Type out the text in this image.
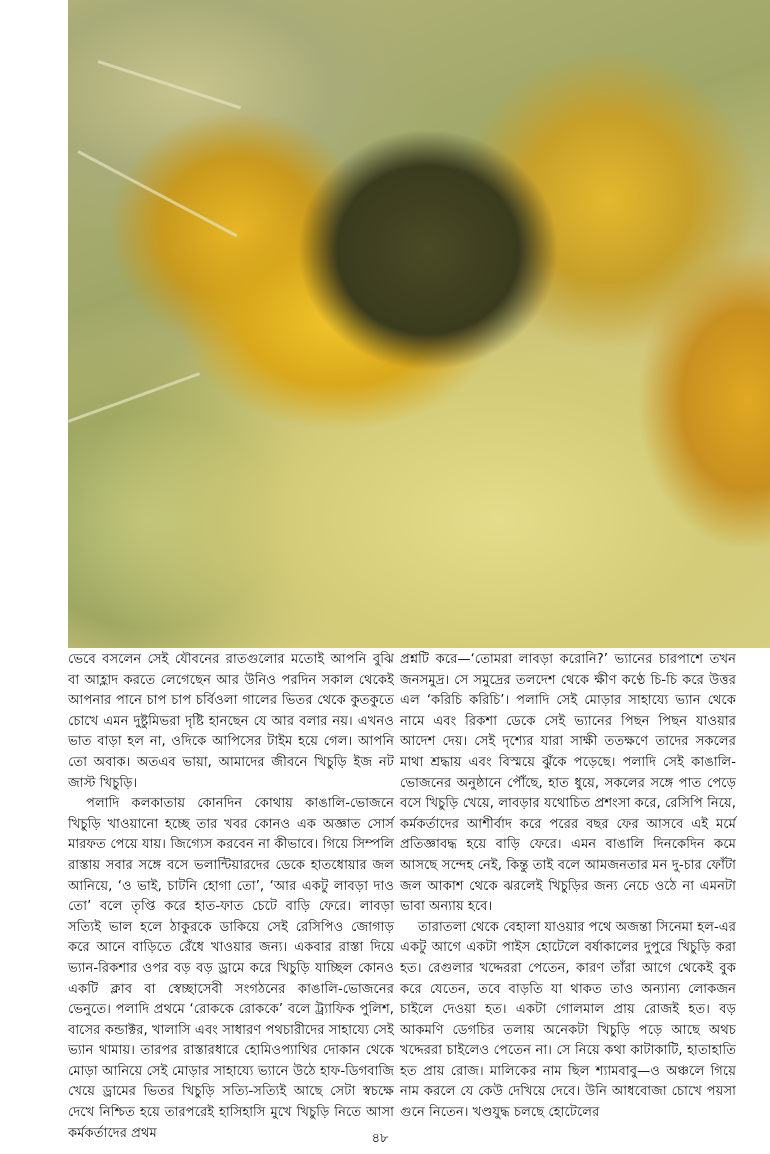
ভেবে বসলেন সেই যৌবনের রাতগুলোর মতোই আপনি বুঝি বা আহ্লাদ করতে লেগেছেন আর উনিও পরদিন সকাল থেকেই আপনার পানে চাপ চাপ চর্বিওলা গালের ভিতর থেকে কুতকুতে চোখে এমন দুষ্টুমিভরা দৃষ্টি হানছেন যে আর বলার নয়। এখনও ভাত বাড়া হল না, ওদিকে আপিসের টাইম হয়ে গেল। আপনি তো অবাক। অতএব ভায়া, আমাদের জীবনে খিচুড়ি ইজ নট জাস্ট খিচুড়ি।

পলাদি কলকাতায় কোনদিন কোথায় কাঙালি-ভোজনে খিচুড়ি খাওয়ানো হচ্ছে তার খবর কোনও এক অজ্ঞাত সোর্স মারফত পেয়ে যায়। জিগ্যেস করবেন না কীভাবে। গিয়ে সিম্পলি রাস্তায় সবার সঙ্গে বসে ভলান্টিয়ারদের ডেকে হাতধোয়ার জল আনিয়ে, ‘ও ভাই, চাটনি হোগা তো’, ‘আর একটু লাবড়া দাও তো’ বলে তৃপ্তি করে হাত-ফাত চেটে বাড়ি ফেরে। লাবড়া সত্যিই ভাল হলে ঠাকুরকে ডাকিয়ে সেই রেসিপিও জোগাড় করে আনে বাড়িতে রেঁধে খাওয়ার জন্য। একবার রাস্তা দিয়ে ভ্যান-রিকশার ওপর বড় বড় ড্রামে করে খিচুড়ি যাচ্ছিল কোনও একটি ক্লাব বা স্বেচ্ছাসেবী সংগঠনের কাঙালি-ভোজনের ভেনুতে। পলাদি প্রথমে ‘রোককে রোককে’ বলে ট্র্যাফিক পুলিশ, বাসের কন্ডাক্টর, খালাসি এবং সাধারণ পথচারীদের সাহায্যে সেই ভ্যান থামায়। তারপর রাস্তারধারে হোমিওপ্যাথির দোকান থেকে মোড়া আনিয়ে সেই মোড়ার সাহায্যে ভ্যানে উঠে হাফ-ডিগবাজি খেয়ে ড্রামের ভিতর খিচুড়ি সত্যি-সত্যিই আছে সেটা স্বচক্ষে দেখে নিশ্চিত হয়ে তারপরেই হাসিহাসি মুখে খিচুড়ি নিতে আসা কর্মকর্তাদের প্রথম

প্রশ্নটি করে—‘তোমরা লাবড়া করোনি?’ ভ্যানের চারপাশে তখন জনসমুদ্র। সে সমুদ্রের তলদেশ থেকে ক্ষীণ কণ্ঠে চি-চি করে উত্তর এল ‘করিচি করিচি’। পলাদি সেই মোড়ার সাহায্যে ভ্যান থেকে নামে এবং রিকশা ডেকে সেই ভ্যানের পিছন পিছন যাওয়ার আদেশ দেয়। সেই দৃশ্যের যারা সাক্ষী ততক্ষণে তাদের সকলের মাথা শ্রদ্ধায় এবং বিস্ময়ে ঝুঁকে পড়েছে। পলাদি সেই কাঙালি-ভোজনের অনুষ্ঠানে পৌঁছে, হাত ধুয়ে, সকলের সঙ্গে পাত পেড়ে বসে খিচুড়ি খেয়ে, লাবড়ার যথোচিত প্রশংসা করে, রেসিপি নিয়ে, কর্মকর্তাদের আশীর্বাদ করে পরের বছর ফের আসবে এই মর্মে প্রতিজ্ঞাবদ্ধ হয়ে বাড়ি ফেরে। এমন বাঙালি দিনকেদিন কমে আসছে সন্দেহ নেই, কিন্তু তাই বলে আমজনতার মন দু-চার ফোঁটা জল আকাশ থেকে ঝরলেই খিচুড়ির জন্য নেচে ওঠে না এমনটা ভাবা অন্যায় হবে।

তারাতলা থেকে বেহালা যাওয়ার পথে অজন্তা সিনেমা হল-এর একটু আগে একটা পাইস হোটেলে বর্ষাকালের দুপুরে খিচুড়ি করা হত। রেগুলার খদ্দেররা পেতেন, কারণ তাঁরা আগে থেকেই বুক করে যেতেন, তবে বাড়তি যা থাকত তাও অন্যান্য লোকজন চাইলে দেওয়া হত। একটা গোলমাল প্রায় রোজই হত। বড় আকমণি ডেগচির তলায় অনেকটা খিচুড়ি পড়ে আছে অথচ খদ্দেররা চাইলেও পেতেন না। সে নিয়ে কথা কাটাকাটি, হাতাহাতি হত প্রায় রোজ। মালিকের নাম ছিল শ্যামবাবু—ও অঞ্চলে গিয়ে নাম করলে যে কেউ দেখিয়ে দেবে। উনি আধবোজা চোখে পয়সা গুনে নিতেন। খণ্ডযুদ্ধ চলছে হোটেলের

৪৮
